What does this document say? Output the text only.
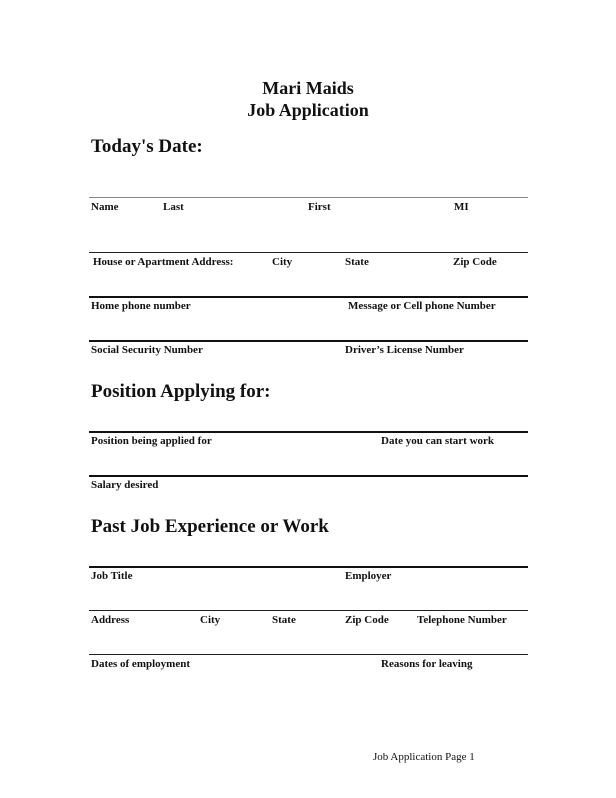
Mari Maids
Job Application
Today's Date:
Name	Last	First	MI
House or Apartment Address:	City	State	Zip Code
Home phone number	Message or Cell phone Number
Social Security Number	Driver’s License Number
Position Applying for:
Position being applied for	Date you can start work
Salary desired
Past Job Experience or Work
Job Title	Employer
Address	City	State	Zip Code	Telephone Number
Dates of employment	Reasons for leaving
Job Application Page 1
